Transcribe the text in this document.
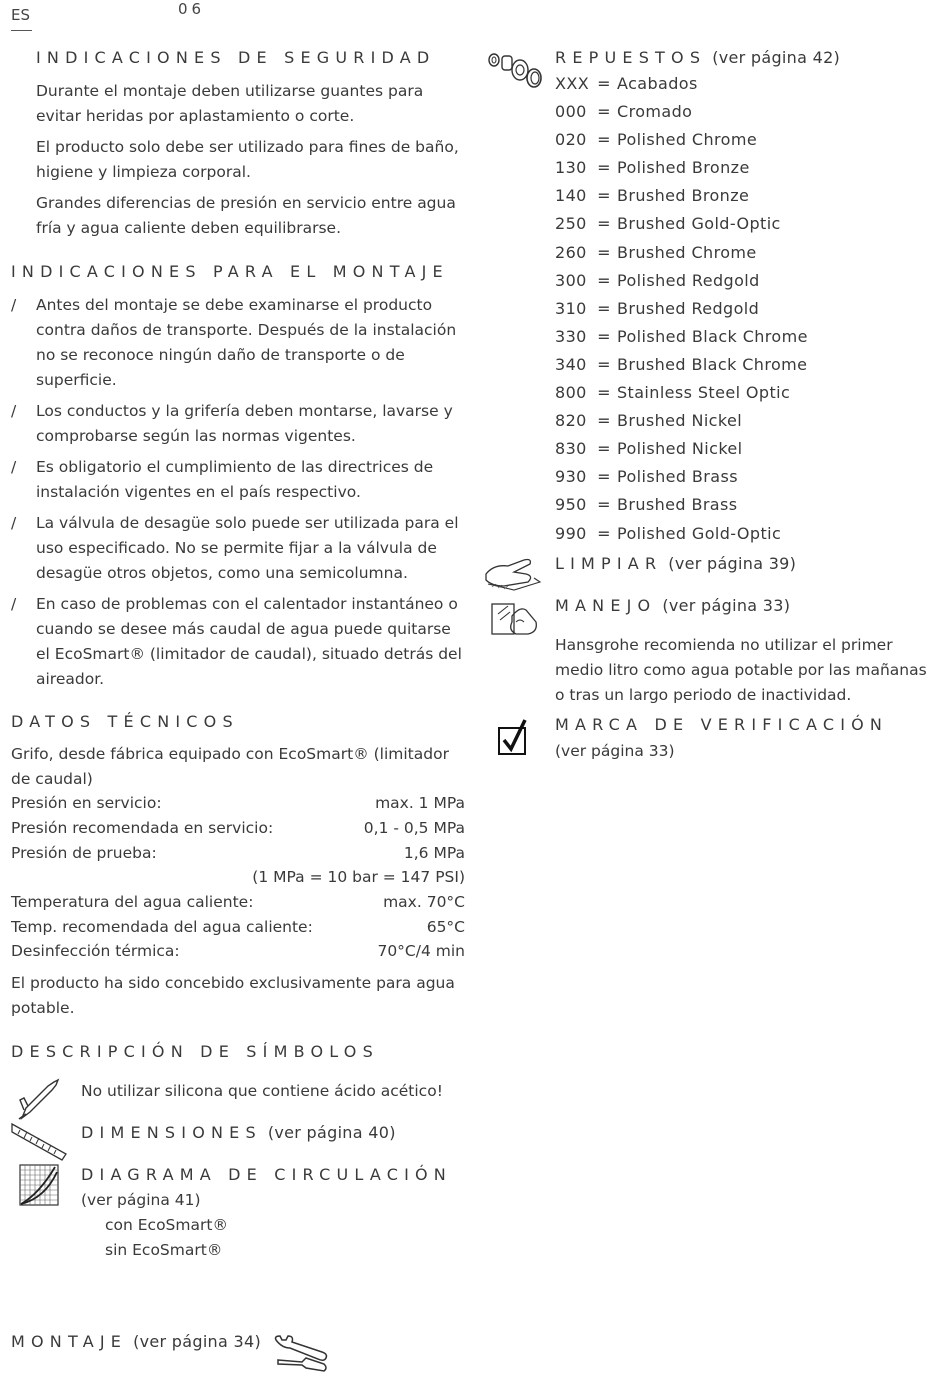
ES	06
INDICACIONES DE SEGURIDAD
Durante el montaje deben utilizarse guantes para evitar heridas por aplastamiento o corte.
El producto solo debe ser utilizado para fines de baño, higiene y limpieza corporal.
Grandes diferencias de presión en servicio entre agua fría y agua caliente deben equilibrarse.
INDICACIONES PARA EL MONTAJE
/ Antes del montaje se debe examinarse el producto contra daños de transporte. Después de la instalación no se reconoce ningún daño de transporte o de superficie.
/ Los conductos y la grifería deben montarse, lavarse y comprobarse según las normas vigentes.
/ Es obligatorio el cumplimiento de las directrices de instalación vigentes en el país respectivo.
/ La válvula de desagüe solo puede ser utilizada para el uso especificado. No se permite fijar a la válvula de desagüe otros objetos, como una semicolumna.
/ En caso de problemas con el calentador instantáneo o cuando se desee más caudal de agua puede quitarse el EcoSmart® (limitador de caudal), situado detrás del aireador.
DATOS TÉCNICOS
Grifo, desde fábrica equipado con EcoSmart® (limitador de caudal)
Presión en servicio:	max. 1 MPa
Presión recomendada en servicio:	0,1 - 0,5 MPa
Presión de prueba:	1,6 MPa
(1 MPa = 10 bar = 147 PSI)
Temperatura del agua caliente:	max. 70°C
Temp. recomendada del agua caliente:	65°C
Desinfección térmica:	70°C/4 min
El producto ha sido concebido exclusivamente para agua potable.
DESCRIPCIÓN DE SÍMBOLOS
No utilizar silicona que contiene ácido acético!
DIMENSIONES (ver página 40)
DIAGRAMA DE CIRCULACIÓN
(ver página 41)
con EcoSmart®
sin EcoSmart®
MONTAJE (ver página 34)
REPUESTOS (ver página 42)
XXX = Acabados
000 = Cromado
020 = Polished Chrome
130 = Polished Bronze
140 = Brushed Bronze
250 = Brushed Gold-Optic
260 = Brushed Chrome
300 = Polished Redgold
310 = Brushed Redgold
330 = Polished Black Chrome
340 = Brushed Black Chrome
800 = Stainless Steel Optic
820 = Brushed Nickel
830 = Polished Nickel
930 = Polished Brass
950 = Brushed Brass
990 = Polished Gold-Optic
LIMPIAR (ver página 39)
MANEJO (ver página 33)
Hansgrohe recomienda no utilizar el primer medio litro como agua potable por las mañanas o tras un largo periodo de inactividad.
MARCA DE VERIFICACIÓN
(ver página 33)
